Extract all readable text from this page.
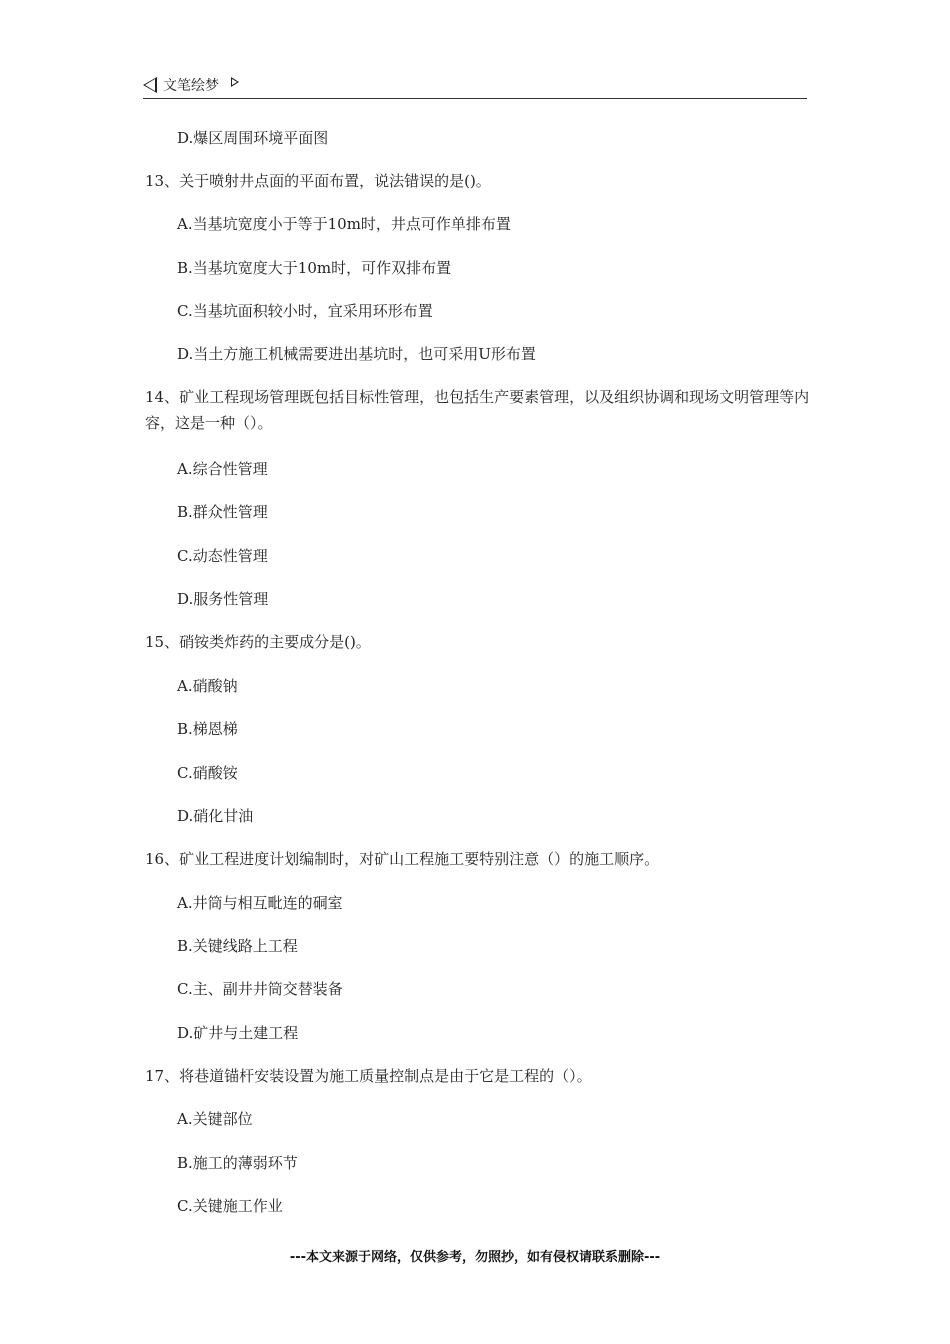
文笔绘梦
D.爆区周围环境平面图
13、关于喷射井点面的平面布置，说法错误的是()。
A.当基坑宽度小于等于10m时，井点可作单排布置
B.当基坑宽度大于10m时，可作双排布置
C.当基坑面积较小时，宜采用环形布置
D.当土方施工机械需要进出基坑时，也可采用U形布置
14、矿业工程现场管理既包括目标性管理，也包括生产要素管理，以及组织协调和现场文明管理等内容，这是一种（）。
A.综合性管理
B.群众性管理
C.动态性管理
D.服务性管理
15、硝铵类炸药的主要成分是()。
A.硝酸钠
B.梯恩梯
C.硝酸铵
D.硝化甘油
16、矿业工程进度计划编制时，对矿山工程施工要特别注意（）的施工顺序。
A.井筒与相互毗连的硐室
B.关键线路上工程
C.主、副井井筒交替装备
D.矿井与土建工程
17、将巷道锚杆安装设置为施工质量控制点是由于它是工程的（）。
A.关键部位
B.施工的薄弱环节
C.关键施工作业
---本文来源于网络，仅供参考，勿照抄，如有侵权请联系删除---
